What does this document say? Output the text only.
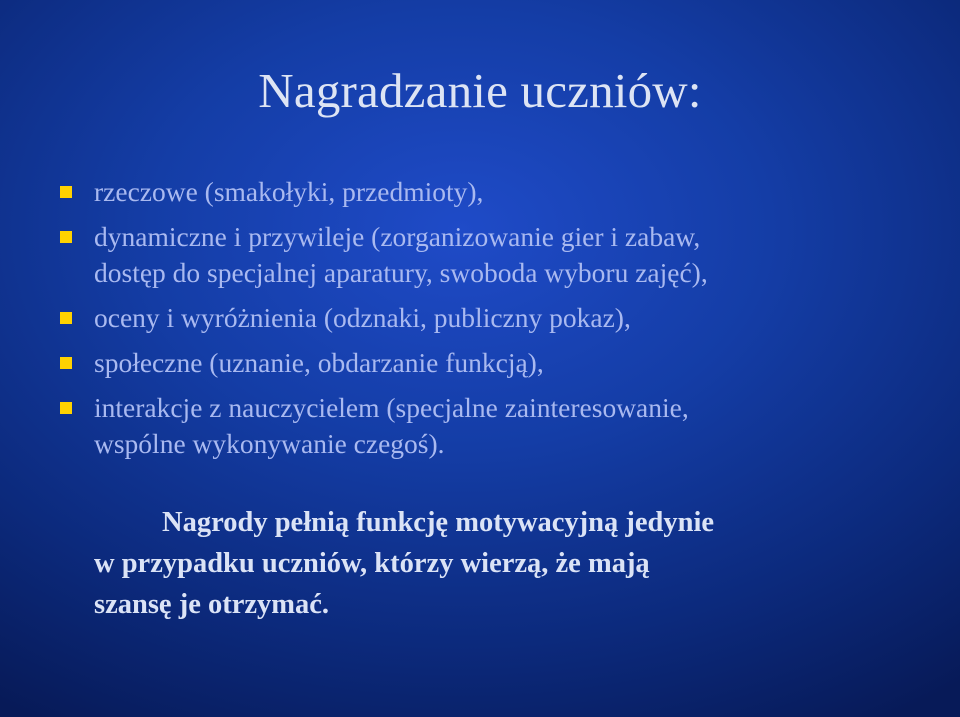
Nagradzanie uczniów:
rzeczowe (smakołyki, przedmioty),
dynamiczne i przywileje (zorganizowanie gier i zabaw,
dostęp do specjalnej aparatury, swoboda wyboru zajęć),
oceny i wyróżnienia (odznaki, publiczny pokaz),
społeczne (uznanie, obdarzanie funkcją),
interakcje z nauczycielem (specjalne zainteresowanie,
wspólne wykonywanie czegoś).

Nagrody pełnią funkcję motywacyjną jedynie
w przypadku uczniów, którzy wierzą, że mają
szansę je otrzymać.
